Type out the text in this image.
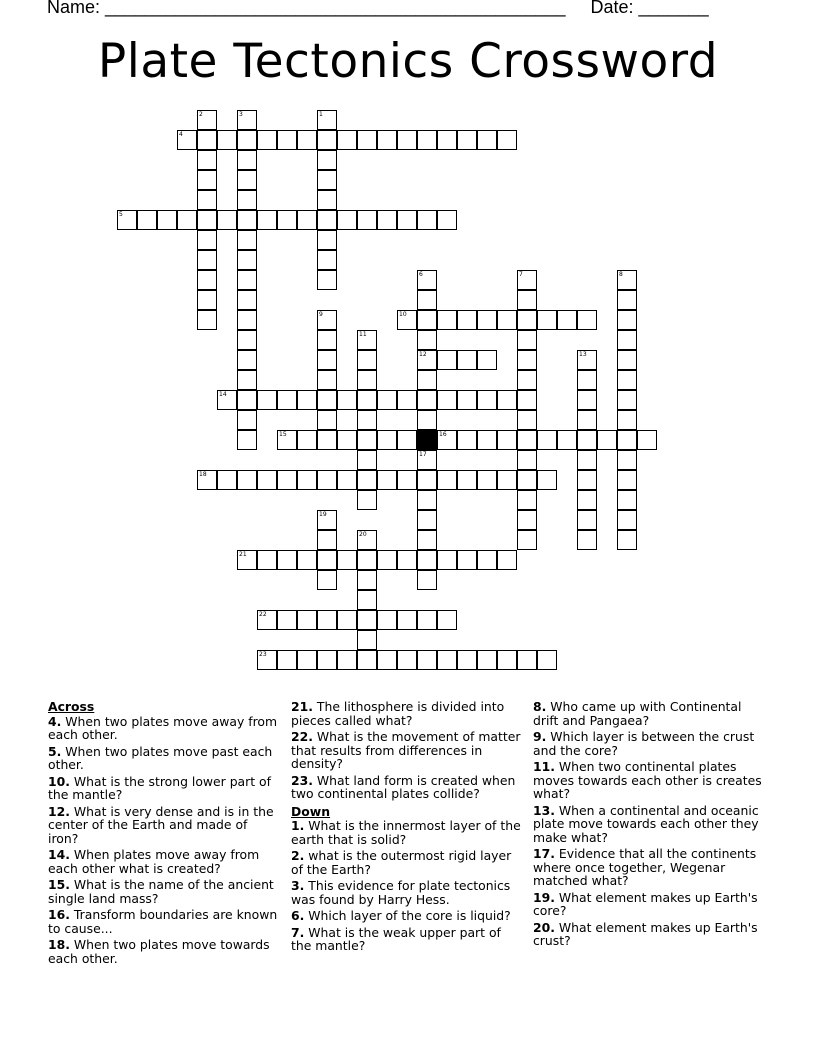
Name: ______________________________________________ Date: _______
Plate Tectonics Crossword
4
5
10
12
14
15	16
18
21
22
23
1
2	3
6	7	8
9
11
13
17
19
20
Across
4. When two plates move away from each other.
5. When two plates move past each other.
10. What is the strong lower part of the mantle?
12. What is very dense and is in the center of the Earth and made of iron?
14. When plates move away from each other what is created?
15. What is the name of the ancient single land mass?
16. Transform boundaries are known to cause...
18. When two plates move towards each other.
21. The lithosphere is divided into pieces called what?
22. What is the movement of matter that results from differences in density?
23. What land form is created when two continental plates collide?
Down
1. What is the innermost layer of the earth that is solid?
2. what is the outermost rigid layer of the Earth?
3. This evidence for plate tectonics was found by Harry Hess.
6. Which layer of the core is liquid?
7. What is the weak upper part of the mantle?
8. Who came up with Continental drift and Pangaea?
9. Which layer is between the crust and the core?
11. When two continental plates moves towards each other is creates what?
13. When a continental and oceanic plate move towards each other they make what?
17. Evidence that all the continents where once together, Wegenar matched what?
19. What element makes up Earth's core?
20. What element makes up Earth's crust?
